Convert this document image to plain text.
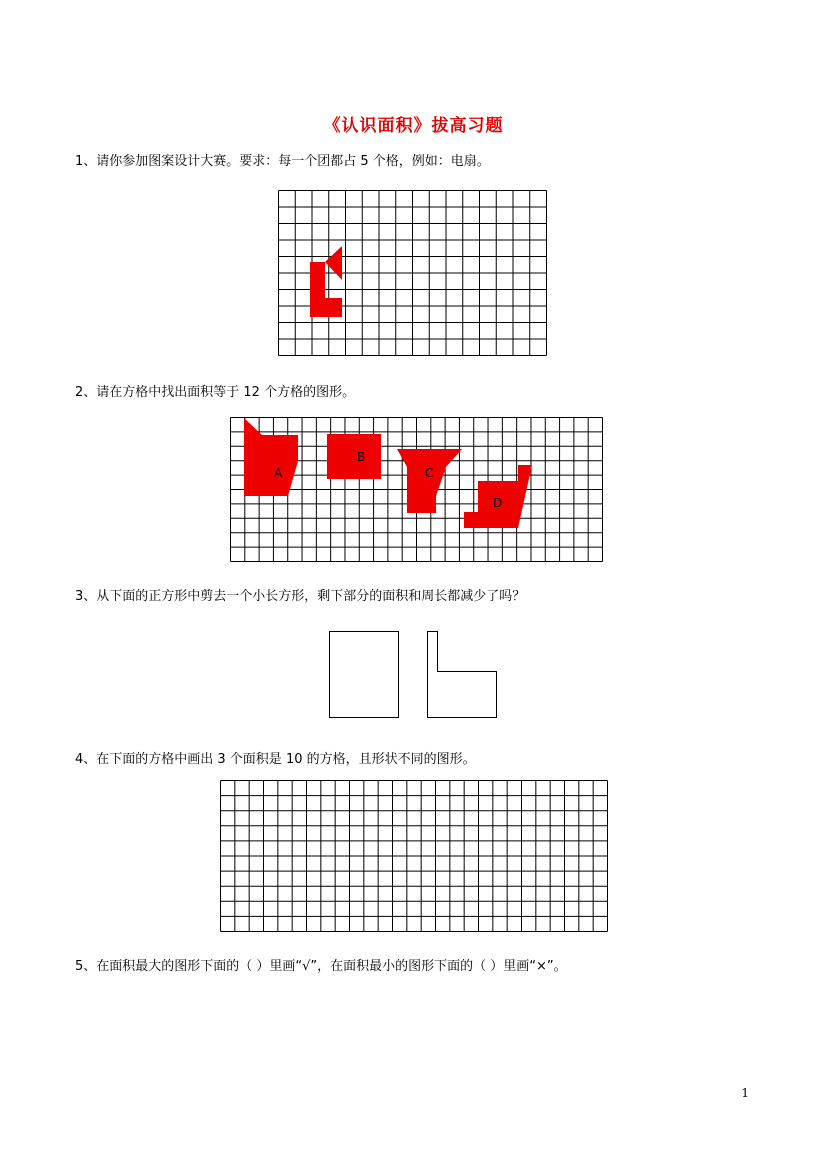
《认识面积》拔高习题
1、请你参加图案设计大赛。要求：每一个团都占 5 个格，例如：电扇。
2、请在方格中找出面积等于 12 个方格的图形。
A
B
C
D
3、从下面的正方形中剪去一个小长方形，剩下部分的面积和周长都减少了吗？
4、在下面的方格中画出 3 个面积是 10 的方格，且形状不同的图形。
5、在面积最大的图形下面的（ ）里画“√”，在面积最小的图形下面的（ ）里画“×”。
1
